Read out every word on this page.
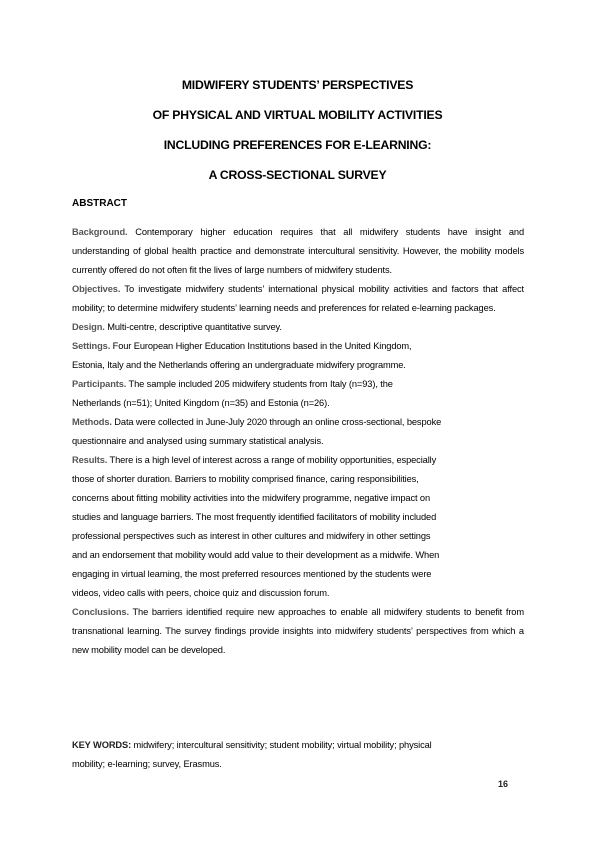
MIDWIFERY STUDENTS’ PERSPECTIVES
OF PHYSICAL AND VIRTUAL MOBILITY ACTIVITIES
INCLUDING PREFERENCES FOR E-LEARNING:
A CROSS-SECTIONAL SURVEY
ABSTRACT

Background. Contemporary higher education requires that all midwifery students have insight and understanding of global health practice and demonstrate intercultural sensitivity. However, the mobility models currently offered do not often fit the lives of large numbers of midwifery students.

Objectives. To investigate midwifery students’ international physical mobility activities and factors that affect mobility; to determine midwifery students’ learning needs and preferences for related e-learning packages.

Design. Multi-centre, descriptive quantitative survey.

Settings. Four European Higher Education Institutions based in the United Kingdom,
Estonia, Italy and the Netherlands offering an undergraduate midwifery programme.

Participants. The sample included 205 midwifery students from Italy (n=93), the
Netherlands (n=51); United Kingdom (n=35) and Estonia (n=26).

Methods. Data were collected in June-July 2020 through an online cross-sectional, bespoke
questionnaire and analysed using summary statistical analysis.

Results. There is a high level of interest across a range of mobility opportunities, especially
those of shorter duration. Barriers to mobility comprised finance, caring responsibilities,
concerns about fitting mobility activities into the midwifery programme, negative impact on
studies and language barriers. The most frequently identified facilitators of mobility included
professional perspectives such as interest in other cultures and midwifery in other settings
and an endorsement that mobility would add value to their development as a midwife. When
engaging in virtual learning, the most preferred resources mentioned by the students were
videos, video calls with peers, choice quiz and discussion forum.

Conclusions. The barriers identified require new approaches to enable all midwifery students to benefit from transnational learning. The survey findings provide insights into midwifery students’ perspectives from which a new mobility model can be developed.

KEY WORDS: midwifery; intercultural sensitivity; student mobility; virtual mobility; physical
mobility; e-learning; survey, Erasmus.
16
